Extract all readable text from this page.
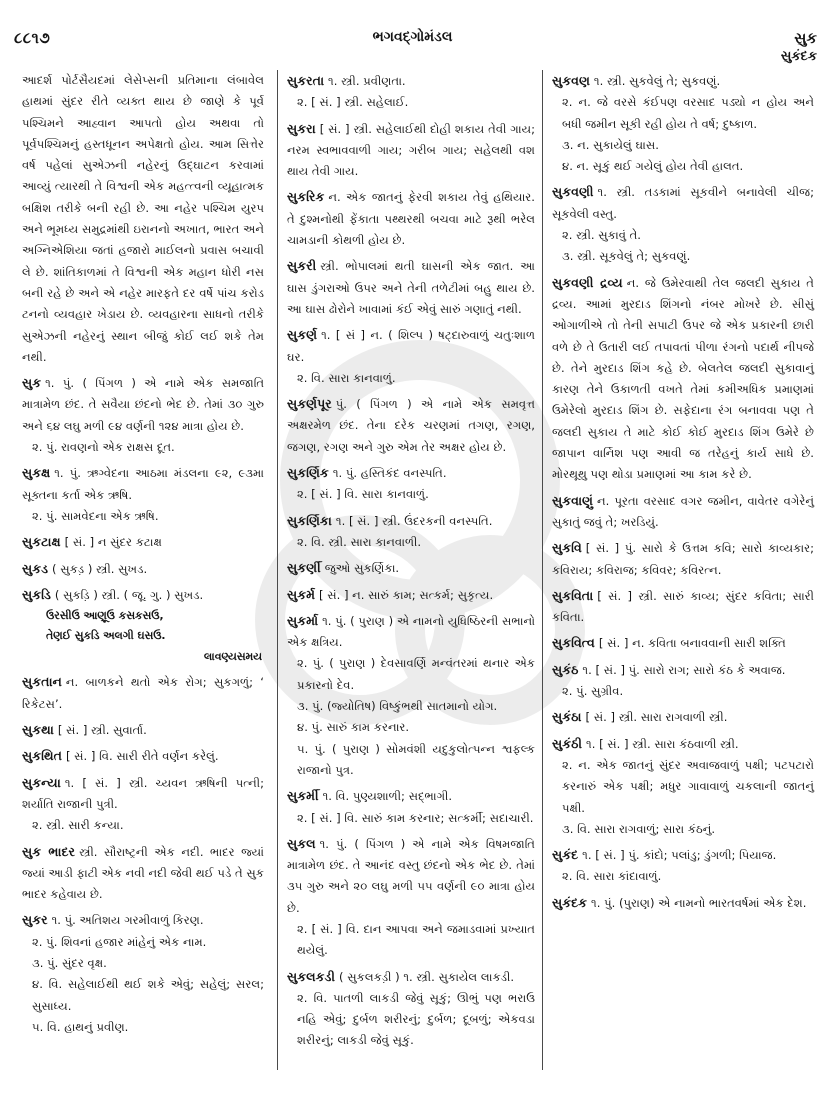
૮૮૧૭	ભગવદ્ગોમંડલ	સુક
સુકંદક

આદર્શ પોર્ટસૈયદમાં લેસેપ્સની પ્રતિમાના લંબાવેલ હાથમાં સુંદર રીતે વ્યક્ત થાય છે જાણે કે પૂર્વ પશ્ચિમને આહ્વાન આપતો હોય અથવા તો પૂર્વપશ્ચિમનું હસ્તધૂનન અપેક્ષતો હોય. આમ સિત્તેર વર્ષ પહેલાં સુએઝની નહેરનું ઉદ્ઘાટન કરવામાં આવ્યું ત્યારથી તે વિશ્વની એક મહત્ત્વની વ્યૂહાત્મક બક્ષિશ તરીકે બની રહી છે. આ નહેર પશ્ચિમ યુરપ અને ભૂમધ્ય સમુદ્રમાંથી ઇરાનનો અખાત, ભારત અને અગ્નિએશિયા જતાં હજારો માઈલનો પ્રવાસ બચાવી લે છે. શાંતિકાળમાં તે વિશ્વની એક મહાન ધોરી નસ બની રહે છે અને એ નહેર મારફતે દર વર્ષે પાંચ કરોડ ટનનો વ્યવહાર ખેડાય છે. વ્યવહારના સાધનો તરીકે સુએઝની નહેરનું સ્થાન બીજું કોઈ લઈ શકે તેમ નથી.

સુક ૧. પું. ( પિંગળ ) એ નામે એક સમજાતિ માત્રામેળ છંદ. તે સવૈયા છંદનો ભેદ છે. તેમાં ૩૦ ગુરુ અને ૬૪ લઘુ મળી ૯૪ વર્ણની ૧૨૪ માત્રા હોય છે.
૨. પું. રાવણનો એક રાક્ષસ દૂત.
સુકક્ષ ૧. પું. ઋગ્વેદના આઠમા મંડલના ૯૨, ૯૩મા સૂક્તના કર્તા એક ઋષિ.
૨. પું. સામવેદના એક ઋષિ.
સુકટાક્ષ [ સં. ] ન સુંદર કટાક્ષ
સુકડ ( સુકડ઼ ) સ્ત્રી. સુખડ.
સુકડિ ( સુકડ઼િ ) સ્ત્રી. ( જૂ. ગુ. ) સુખડ.
ઉરસીઉ આણૂઉ કસકસઉ,
તેણઈ સુકડિ અલગી ઘસઉ.
લાવણ્યસમય
સુકતાન ન. બાળકને થતો એક રોગ; સુકગળું; ‘ રિકેટસ’.
સુકથા [ સં. ] સ્ત્રી. સુવાર્તા.
સુકથિત [ સં. ] વિ. સારી રીતે વર્ણન કરેલું.
સુકન્યા ૧. [ સં. ] સ્ત્રી. ચ્યવન ઋષિની પત્ની; શર્યાતિ રાજાની પુત્રી.
૨. સ્ત્રી. સારી કન્યા.
સુક ભાદર સ્ત્રી. સૌરાષ્ટ્રની એક નદી. ભાદર જ્યાં જ્યાં આડી ફાટી એક નવી નદી જેવી થઈ પડે તે સુક ભાદર કહેવાય છે.
સુકર ૧. પું. અતિશય ગરમીવાળું કિરણ.
૨. પું. શિવનાં હજાર માંહેનું એક નામ.
૩. પું. સુંદર વૃક્ષ.
૪. વિ. સહેલાઈથી થઈ શકે એવું; સહેલું; સરલ; સુસાધ્ય.
૫. વિ. હાથનું પ્રવીણ.
સુકરતા ૧. સ્ત્રી. પ્રવીણતા.
૨. [ સં. ] સ્ત્રી. સહેલાઈ.
સુકરા [ સં. ] સ્ત્રી. સહેલાઈથી દોહી શકાય તેવી ગાય; નરમ સ્વભાવવાળી ગાય; ગરીબ ગાય; સહેલથી વશ થાય તેવી ગાય.
સુકરિક ન. એક જાતનું ફેરવી શકાય તેવું હથિયાર. તે દુશ્મનોથી ફેંકાતા પથ્થરથી બચવા માટે રૂથી ભરેલ ચામડાની કોથળી હોય છે.
સુકરી સ્ત્રી. ભોપાલમાં થતી ઘાસની એક જાત. આ ઘાસ ડુંગરાઓ ઉપર અને તેની તળેટીમાં બહુ થાય છે. આ ઘાસ ઢોરોને ખાવામાં કંઈ એવું સારું ગણાતું નથી.
સુકર્ણ ૧. [ સં ] ન. ( શિલ્પ ) ષટ્દારુવાળું ચતુઃશાળ ઘર.
૨. વિ. સારા કાનવાળું.
સુકર્ણપૂર પું. ( પિંગળ ) એ નામે એક સમવૃત્ત અક્ષરમેળ છંદ. તેના દરેક ચરણમાં તગણ, રગણ, જગણ, રગણ અને ગુરુ એમ તેર અક્ષર હોય છે.
સુકર્ણિક ૧. પું. હસ્તિકંદ વનસ્પતિ.
૨. [ સં. ] વિ. સારા કાનવાળું.
સુકર્ણિકા ૧. [ સં. ] સ્ત્રી. ઉંદરકની વનસ્પતિ.
૨. વિ. સ્ત્રી. સારા કાનવાળી.
સુકર્ણી જુઓ સુકર્ણિકા.
સુકર્મ [ સં. ] ન. સારું કામ; સત્કર્મ; સુકૃત્ય.
સુકર્મા ૧. પું. ( પુરાણ ) એ નામનો યુધિષ્ઠિરની સભાનો એક ક્ષત્રિય.
૨. પું. ( પુરાણ ) દેવસાવર્ણિ મન્વંતરમાં થનાર એક પ્રકારનો દેવ.
૩. પું. (જ્યોતિષ) વિષ્કુંભથી સાતમાનો યોગ.
૪. પું. સારું કામ કરનાર.
૫. પું. ( પુરાણ ) સોમવંશી યદુકુલોત્પન્ન શ્વફલ્ક રાજાનો પુત્ર.
સુકર્મી ૧. વિ. પુણ્યશાળી; સદ્ભાગી.
૨. [ સં. ] વિ. સારું કામ કરનાર; સત્કર્મી; સદાચારી.
સુકલ ૧. પું. ( પિંગળ ) એ નામે એક વિષમજાતિ માત્રામેળ છંદ. તે આનંદ વસ્તુ છંદનો એક ભેદ છે. તેમાં ૩૫ ગુરુ અને ૨૦ લઘુ મળી ૫૫ વર્ણની ૯૦ માત્રા હોય છે.
૨. [ સં. ] વિ. દાન આપવા અને જમાડવામાં પ્રખ્યાત થયેલું.
સુકલકડી ( સુકલકડ઼ી ) ૧. સ્ત્રી. સુકાયેલ લાકડી.
૨. વિ. પાતળી લાકડી જેવું સૂકું; ઊભું પણ ભરાઉ નહિ એવું; દુર્બળ શરીરનું; દુર્બળ; દૂબળું; એકવડા શરીરનું; લાકડી જેવું સૂકું.
સુકવણ ૧. સ્ત્રી. સુકવેલું તે; સુકવણું.
૨. ન. જે વરસે કંઈપણ વરસાદ પડ્યો ન હોય અને બધી જમીન સૂકી રહી હોય તે વર્ષ; દુષ્કાળ.
૩. ન. સુકાયેલું ઘાસ.
૪. ન. સૂકું થઈ ગયેલું હોય તેવી હાલત.
સુકવણી ૧. સ્ત્રી. તડકામાં સૂકવીને બનાવેલી ચીજ; સૂકવેલી વસ્તુ.
૨. સ્ત્રી. સુકાવું તે.
૩. સ્ત્રી. સૂકવેલું તે; સુકવણું.
સુકવણી દ્રવ્ય ન. જે ઉમેરવાથી તેલ જલદી સુકાય તે દ્રવ્ય. આમાં મુરદાડ શિંગનો નંબર મોખરે છે. સીસું ઓગાળીએ તો તેની સપાટી ઉપર જે એક પ્રકારની છારી વળે છે તે ઉતારી લઈ તપાવતાં પીળા રંગનો પદાર્થ નીપજે છે. તેને મુરદાડ શિંગ કહે છે. બેલતેલ જલદી સુકાવાનું કારણ તેને ઉકાળતી વખતે તેમાં કમીઅધિક પ્રમાણમાં ઉમેરેલો મુરદાડ શિંગ છે. સફેદાના રંગ બનાવવા પણ તે જલદી સુકાય તે માટે કોઈ કોઈ મુરદાડ શિંગ ઉમેરે છે જાપાન વાર્નિશ પણ આવી જ તરેહનું કાર્ય સાધે છે. મોરથૂથુ પણ થોડા પ્રમાણમાં આ કામ કરે છે.
સુકવાણું ન. પૂરતા વરસાદ વગર જમીન, વાવેતર વગેરેનું સુકાતું જવું તે; ખરડિયું.
સુકવિ [ સં. ] પું. સારો કે ઉત્તમ કવિ; સારો કાવ્યકાર; કવિરાય; કવિરાજ; કવિવર; કવિરત્ન.
સુકવિતા [ સં. ] સ્ત્રી. સારું કાવ્ય; સુંદર કવિતા; સારી કવિતા.
સુકવિત્વ [ સં. ] ન. કવિતા બનાવવાની સારી શક્તિ
સુકંઠ ૧. [ સં. ] પું. સારો રાગ; સારો કંઠ કે અવાજ.
૨. પું. સુગ્રીવ.
સુકંઠા [ સં. ] સ્ત્રી. સારા રાગવાળી સ્ત્રી.
સુકંઠી ૧. [ સં. ] સ્ત્રી. સારા કંઠવાળી સ્ત્રી.
૨. ન. એક જાતનું સુંદર અવાજવાળું પક્ષી; પટપટારો કરનારું એક પક્ષી; મધુર ગાવાવાળું ચકલાની જાતનું પક્ષી.
૩. વિ. સારા રાગવાળું; સારા કંઠનું.
સુકંદ ૧. [ સં. ] પું. કાંદો; પલાંડુ; ડુંગળી; પિયાજ.
૨. વિ. સારા કાંદાવાળું.
સુકંદક ૧. પું. (પુરાણ) એ નામનો ભારતવર્ષમાં એક દેશ.
